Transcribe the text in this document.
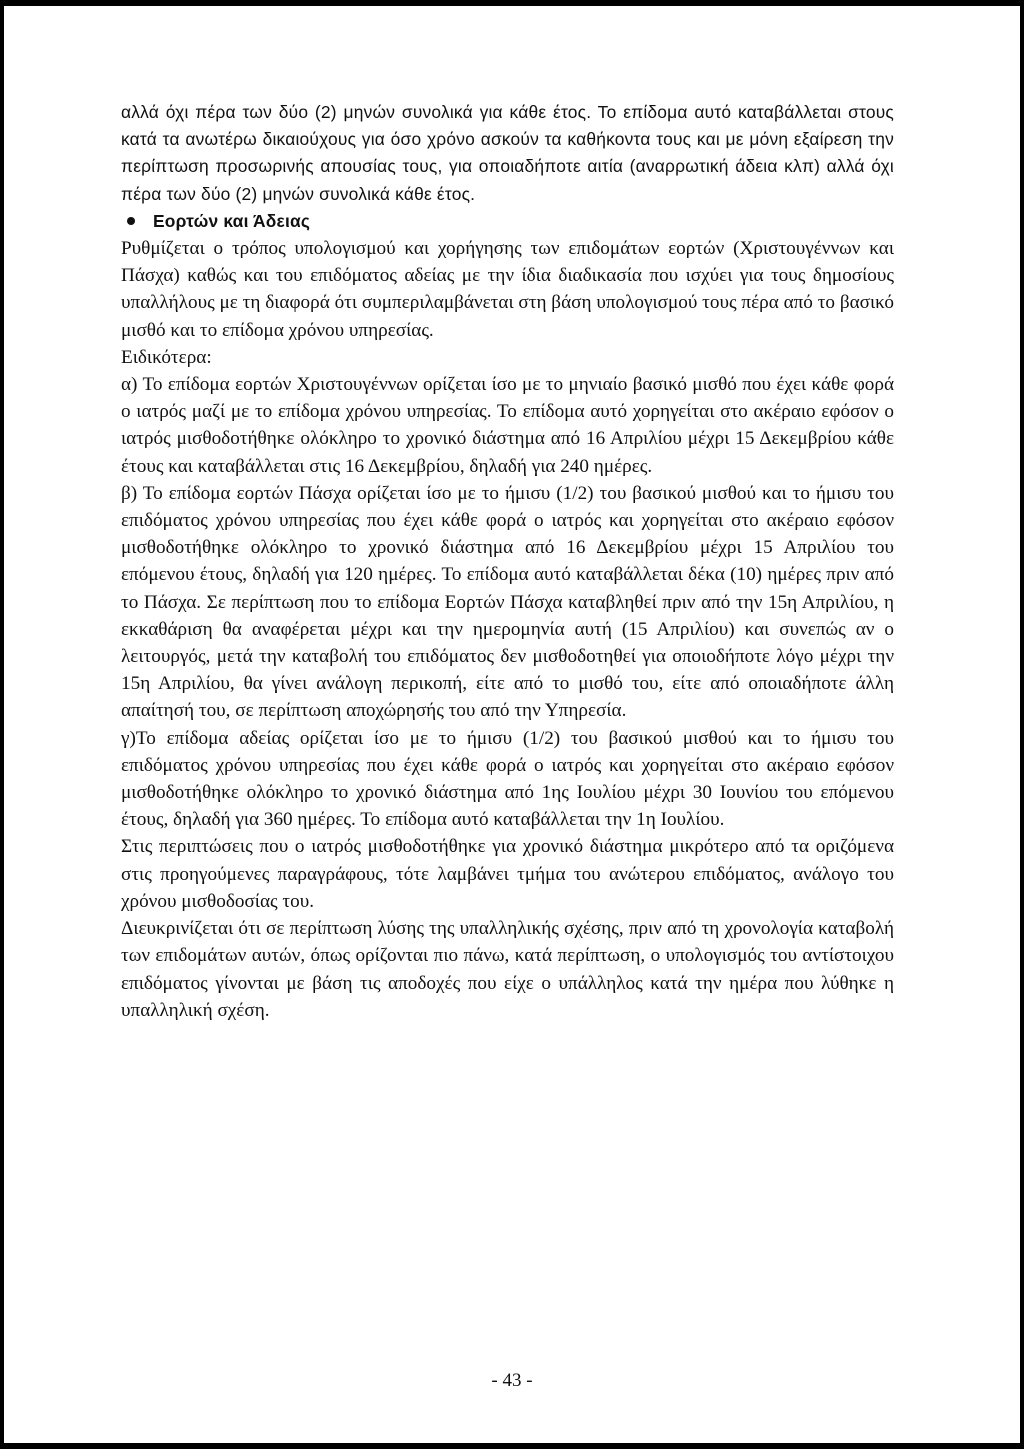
αλλά όχι πέρα των δύο (2) μηνών συνολικά για κάθε έτος. Το επίδομα αυτό καταβάλλεται στους κατά τα ανωτέρω δικαιούχους για όσο χρόνο ασκούν τα καθήκοντα τους και με μόνη εξαίρεση την περίπτωση προσωρινής απουσίας τους, για οποιαδήποτε αιτία (αναρρωτική άδεια κλπ) αλλά όχι πέρα των δύο (2) μηνών συνολικά κάθε έτος.

Εορτών και Άδειας

Ρυθμίζεται ο τρόπος υπολογισμού και χορήγησης των επιδομάτων εορτών (Χριστουγέννων και Πάσχα) καθώς και του επιδόματος αδείας με την ίδια διαδικασία που ισχύει για τους δημοσίους υπαλλήλους με τη διαφορά ότι συμπεριλαμβάνεται στη βάση υπολογισμού τους πέρα από το βασικό μισθό και το επίδομα χρόνου υπηρεσίας.

Ειδικότερα:

α) Το επίδομα εορτών Χριστουγέννων ορίζεται ίσο με το μηνιαίο βασικό μισθό που έχει κάθε φορά ο ιατρός μαζί με το επίδομα χρόνου υπηρεσίας. Το επίδομα αυτό χορηγείται στο ακέραιο εφόσον ο ιατρός μισθοδοτήθηκε ολόκληρο το χρονικό διάστημα από 16 Απριλίου μέχρι 15 Δεκεμβρίου κάθε έτους και καταβάλλεται στις 16 Δεκεμβρίου, δηλαδή για 240 ημέρες.

β) Το επίδομα εορτών Πάσχα ορίζεται ίσο με το ήμισυ (1/2) του βασικού μισθού και το ήμισυ του επιδόματος χρόνου υπηρεσίας που έχει κάθε φορά ο ιατρός και χορηγείται στο ακέραιο εφόσον μισθοδοτήθηκε ολόκληρο το χρονικό διάστημα από 16 Δεκεμβρίου μέχρι 15 Απριλίου του επόμενου έτους, δηλαδή για 120 ημέρες. Το επίδομα αυτό καταβάλλεται δέκα (10) ημέρες πριν από το Πάσχα. Σε περίπτωση που το επίδομα Εορτών Πάσχα καταβληθεί πριν από την 15η Απριλίου, η εκκαθάριση θα αναφέρεται μέχρι και την ημερομηνία αυτή (15 Απριλίου) και συνεπώς αν ο λειτουργός, μετά την καταβολή του επιδόματος δεν μισθοδοτηθεί για οποιοδήποτε λόγο μέχρι την 15η Απριλίου, θα γίνει ανάλογη περικοπή, είτε από το μισθό του, είτε από οποιαδήποτε άλλη απαίτησή του, σε περίπτωση αποχώρησής του από την Υπηρεσία.

γ)Το επίδομα αδείας ορίζεται ίσο με το ήμισυ (1/2) του βασικού μισθού και το ήμισυ του επιδόματος χρόνου υπηρεσίας που έχει κάθε φορά ο ιατρός και χορηγείται στο ακέραιο εφόσον μισθοδοτήθηκε ολόκληρο το χρονικό διάστημα από 1ης Ιουλίου μέχρι 30 Ιουνίου του επόμενου έτους, δηλαδή για 360 ημέρες. Το επίδομα αυτό καταβάλλεται την 1η Ιουλίου.

Στις περιπτώσεις που ο ιατρός μισθοδοτήθηκε για χρονικό διάστημα μικρότερο από τα οριζόμενα στις προηγούμενες παραγράφους, τότε λαμβάνει τμήμα του ανώτερου επιδόματος, ανάλογο του χρόνου μισθοδοσίας του.

Διευκρινίζεται ότι σε περίπτωση λύσης της υπαλληλικής σχέσης, πριν από τη χρονολογία καταβολή των επιδομάτων αυτών, όπως ορίζονται πιο πάνω, κατά περίπτωση, ο υπολογισμός του αντίστοιχου επιδόματος γίνονται με βάση τις αποδοχές που είχε ο υπάλληλος κατά την ημέρα που λύθηκε η υπαλληλική σχέση.

- 43 -
